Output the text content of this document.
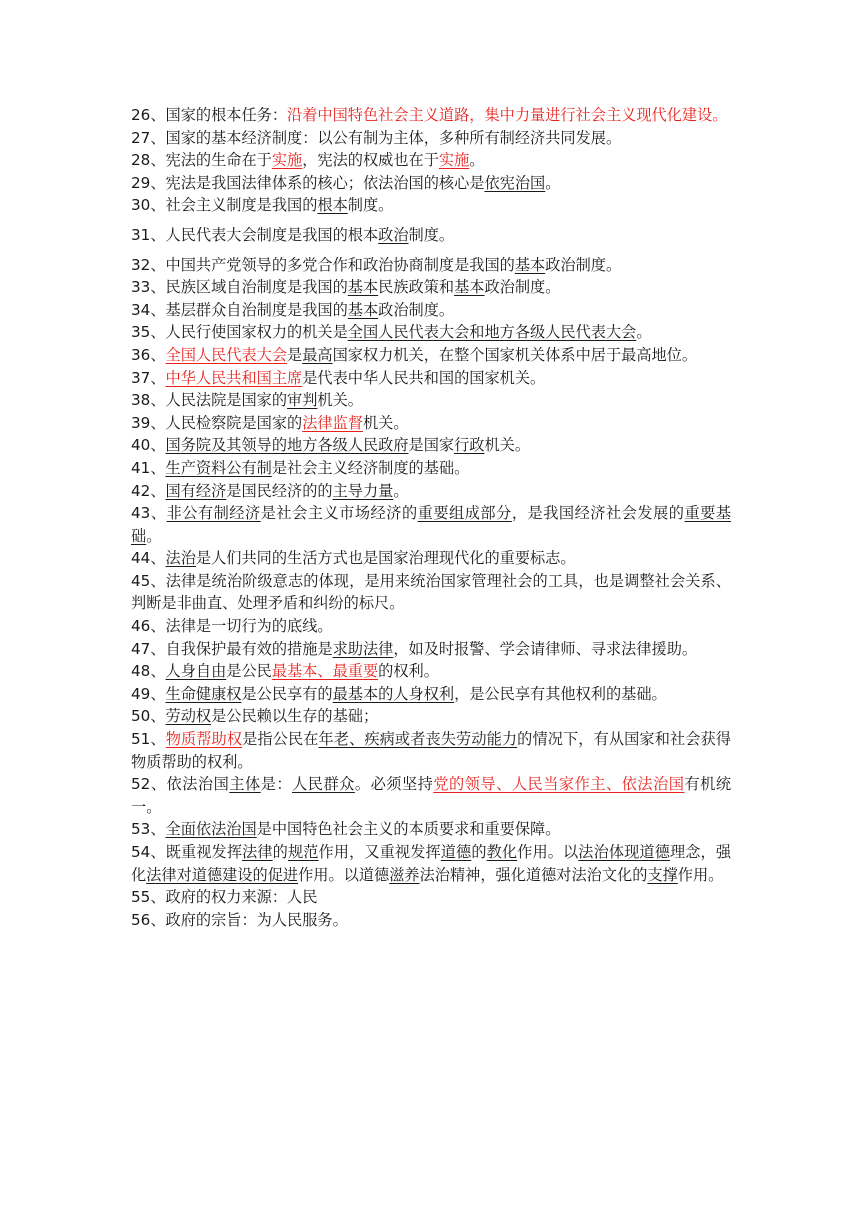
26、国家的根本任务：沿着中国特色社会主义道路，集中力量进行社会主义现代化建设。

27、国家的基本经济制度：以公有制为主体，多种所有制经济共同发展。

28、宪法的生命在于实施，宪法的权威也在于实施。

29、宪法是我国法律体系的核心；依法治国的核心是依宪治国。

30、社会主义制度是我国的根本制度。

31、人民代表大会制度是我国的根本政治制度。

32、中国共产党领导的多党合作和政治协商制度是我国的基本政治制度。

33、民族区域自治制度是我国的基本民族政策和基本政治制度。

34、基层群众自治制度是我国的基本政治制度。

35、人民行使国家权力的机关是全国人民代表大会和地方各级人民代表大会。

36、全国人民代表大会是最高国家权力机关，在整个国家机关体系中居于最高地位。

37、中华人民共和国主席是代表中华人民共和国的国家机关。

38、人民法院是国家的审判机关。

39、人民检察院是国家的法律监督机关。

40、国务院及其领导的地方各级人民政府是国家行政机关。

41、生产资料公有制是社会主义经济制度的基础。

42、国有经济是国民经济的的主导力量。

43、非公有制经济是社会主义市场经济的重要组成部分，是我国经济社会发展的重要基础。

44、法治是人们共同的生活方式也是国家治理现代化的重要标志。

45、法律是统治阶级意志的体现，是用来统治国家管理社会的工具，也是调整社会关系、判断是非曲直、处理矛盾和纠纷的标尺。

46、法律是一切行为的底线。

47、自我保护最有效的措施是求助法律，如及时报警、学会请律师、寻求法律援助。

48、人身自由是公民最基本、最重要的权利。

49、生命健康权是公民享有的最基本的人身权利，是公民享有其他权利的基础。

50、劳动权是公民赖以生存的基础；

51、物质帮助权是指公民在年老、疾病或者丧失劳动能力的情况下，有从国家和社会获得物质帮助的权利。

52、依法治国主体是：人民群众。必须坚持党的领导、人民当家作主、依法治国有机统一。

53、全面依法治国是中国特色社会主义的本质要求和重要保障。

54、既重视发挥法律的规范作用，又重视发挥道德的教化作用。以法治体现道德理念，强化法律对道德建设的促进作用。以道德滋养法治精神，强化道德对法治文化的支撑作用。

55、政府的权力来源：人民

56、政府的宗旨：为人民服务。
